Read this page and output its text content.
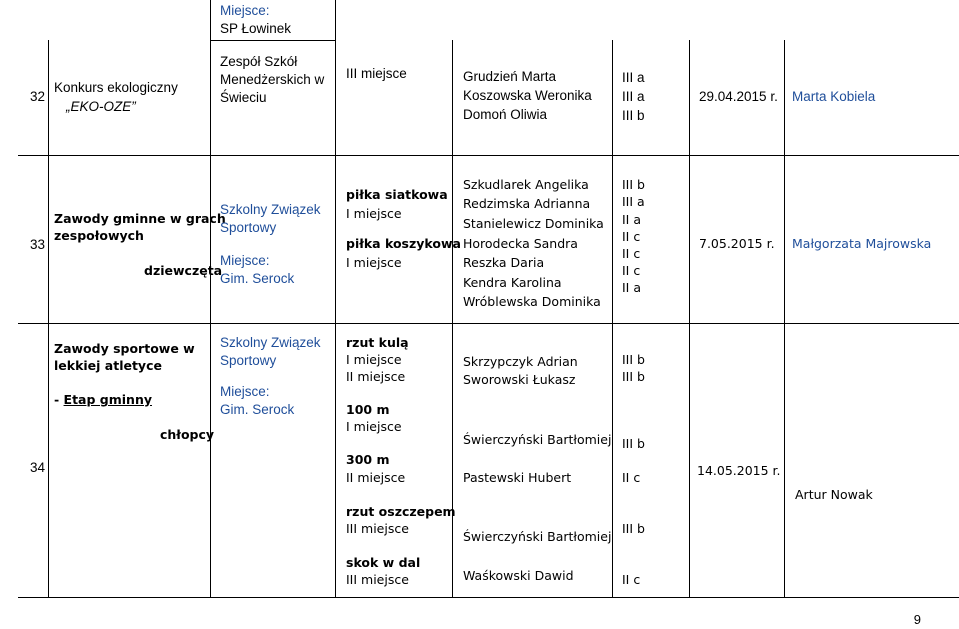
Miejsce:
SP Łowinek
32
Konkurs ekologiczny
„EKO-OZE”
Zespół Szkół
Menedżerskich w
Świeciu
III miejsce	Grudzień Marta
Koszowska Weronika
Domoń Oliwia
III a
III a
III b
29.04.2015 r. Marta Kobiela
33
Zawody gminne w grach
zespołowych
dziewczęta
Szkolny Związek
Sportowy
Miejsce:
Gim. Serock
piłka siatkowa
I miejsce
piłka koszykowa
I miejsce
Szkudlarek Angelika
Redzimska Adrianna
Stanielewicz Dominika
Horodecka Sandra
Reszka Daria
Kendra Karolina
Wróblewska Dominika
III b
III a
II a
II c
II c
II c
II a
7.05.2015 r. Małgorzata Majrowska
34
Zawody sportowe w
lekkiej atletyce
- Etap gminny
chłopcy
Szkolny Związek
Sportowy
Miejsce:
Gim. Serock
rzut kulą
I miejsce
II miejsce
100 m
I miejsce
300 m
II miejsce
rzut oszczepem
III miejsce
skok w dal
III miejsce
Skrzypczyk Adrian
Sworowski Łukasz
Świerczyński Bartłomiej
Pastewski Hubert
Świerczyński Bartłomiej
Waśkowski Dawid
III b
III b
III b
II c
III b
II c
14.05.2015 r.
Artur Nowak
9
